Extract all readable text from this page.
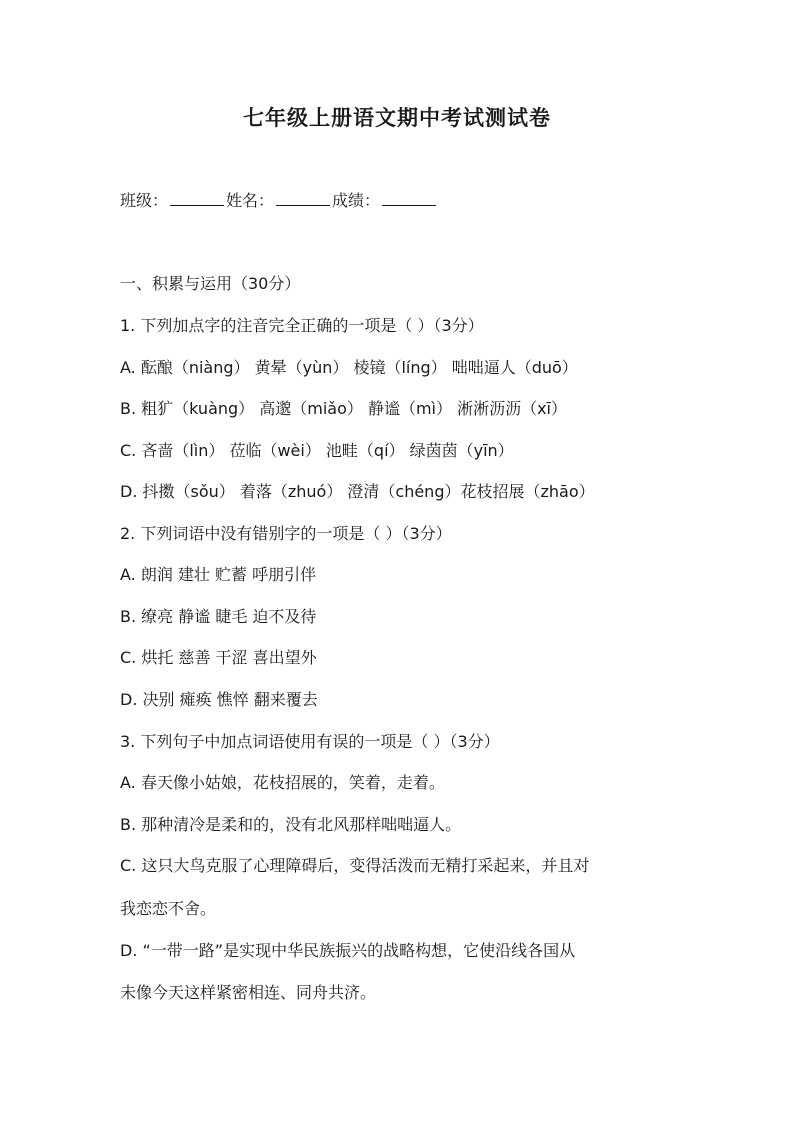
七年级上册语文期中考试测试卷
班级：	姓名：	成绩：
一、积累与运用（30分）
1. 下列加点字的注音完全正确的一项是（ ）（3分）
A. 酝酿（niàng） 黄晕（yùn） 棱镜（líng） 咄咄逼人（duō）
B. 粗犷（kuàng） 高邈（miǎo） 静谧（mì） 淅淅沥沥（xī）
C. 吝啬（lìn） 莅临（wèi） 池畦（qí） 绿茵茵（yīn）
D. 抖擞（sǒu） 着落（zhuó） 澄清（chéng）花枝招展（zhāo）
2. 下列词语中没有错别字的一项是（ ）（3分）
A. 朗润 建壮 贮蓄 呼朋引伴
B. 缭亮 静谧 睫毛 迫不及待
C. 烘托 慈善 干涩 喜出望外
D. 决别 瘫痪 憔悴 翻来覆去
3. 下列句子中加点词语使用有误的一项是（ ）（3分）
A. 春天像小姑娘，花枝招展的，笑着，走着。
B. 那种清冷是柔和的，没有北风那样咄咄逼人。
C. 这只大鸟克服了心理障碍后，变得活泼而无精打采起来，并且对
我恋恋不舍。
D. “一带一路”是实现中华民族振兴的战略构想，它使沿线各国从
未像今天这样紧密相连、同舟共济。
